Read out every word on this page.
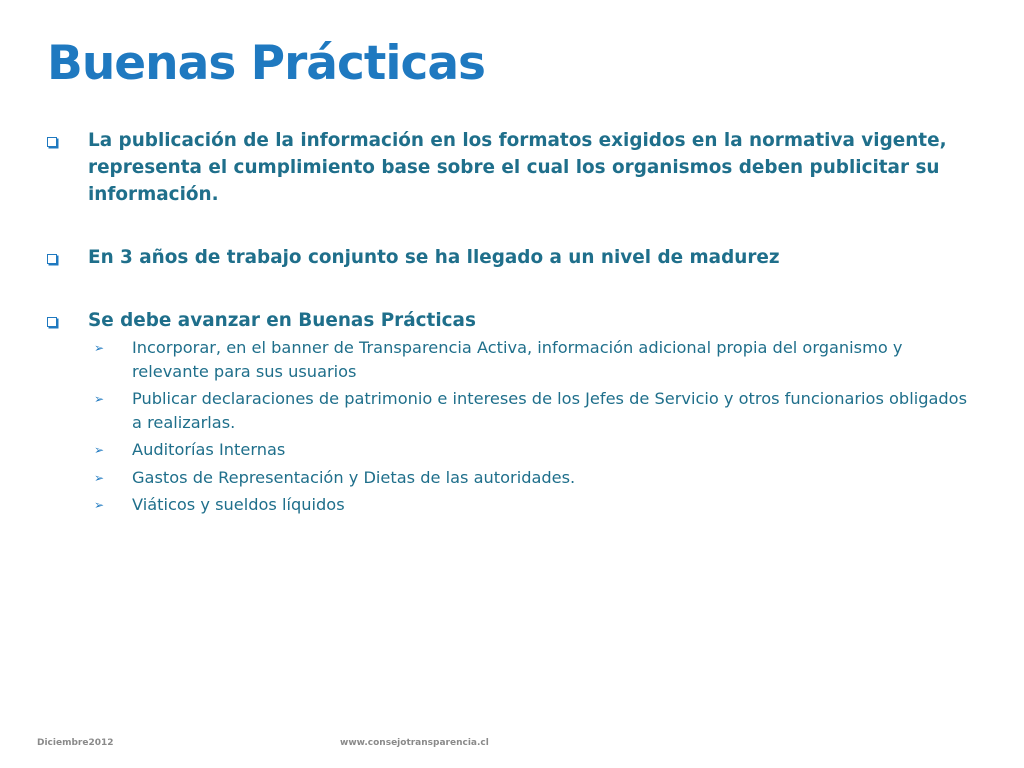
Buenas Prácticas
La publicación de la información en los formatos exigidos en la normativa vigente, representa el cumplimiento base sobre el cual los organismos deben publicitar su información.
En 3 años de trabajo conjunto se ha llegado a un nivel de madurez
Se debe avanzar en Buenas Prácticas
➢ Incorporar, en el banner de Transparencia Activa, información adicional propia del organismo y relevante para sus usuarios
➢ Publicar declaraciones de patrimonio e intereses de los Jefes de Servicio y otros funcionarios obligados a realizarlas.
➢ Auditorías Internas
➢ Gastos de Representación y Dietas de las autoridades.
➢ Viáticos y sueldos líquidos
Diciembre2012	www.consejotransparencia.cl
